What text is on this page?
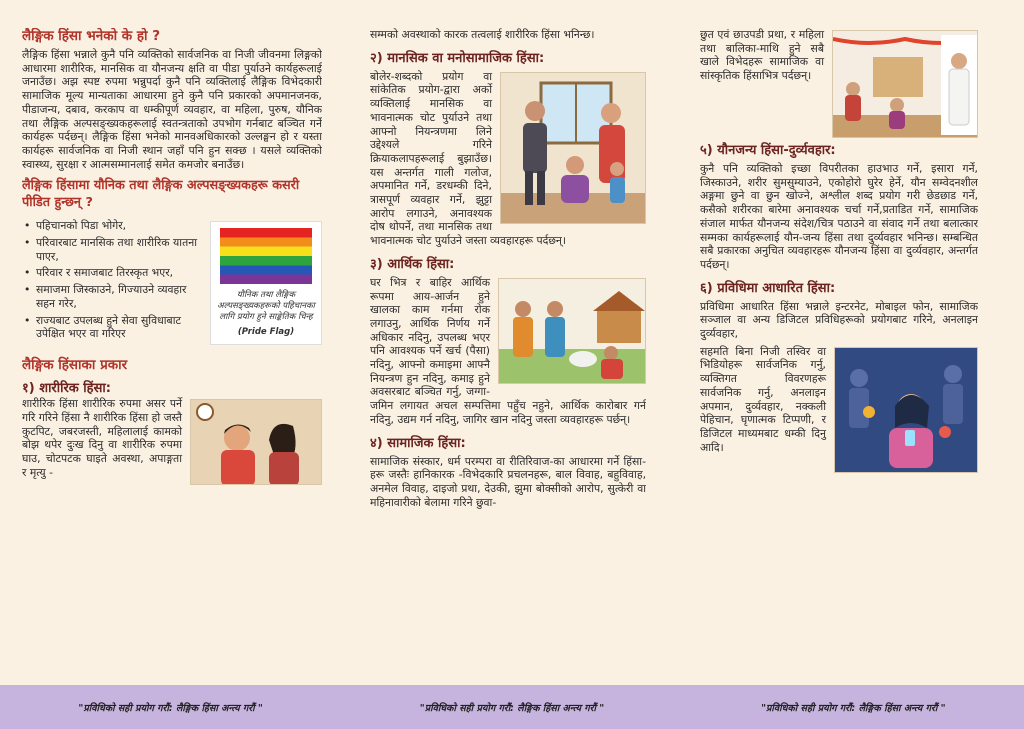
लैङ्गिक हिंसा भनेको के हो ?

लैङ्गिक हिंसा भन्नाले कुनै पनि व्यक्तिको सार्वजनिक वा निजी जीवनमा लिङ्गको आधारमा शारीरिक, मानसिक वा यौनजन्य क्षति वा पीडा पुर्याउने कार्यहरूलाई जनाउँछ। अझ स्पष्ट रुपमा भन्नुपर्दा कुनै पनि व्यक्तिलाई लैङ्गिक विभेदकारी सामाजिक मूल्य मान्यताका आधारमा हुने कुनै पनि प्रकारको अपमानजनक, पीडाजन्य, दबाव, करकाप वा धम्कीपूर्ण व्यवहार, वा महिला, पुरुष, यौनिक तथा लैङ्गिक अल्पसङ्ख्यकहरूलाई स्वतन्त्रताको उपभोग गर्नबाट बञ्चित गर्ने कार्यहरू पर्दछन्। लैङ्गिक हिंसा भनेको मानवअधिकारको उल्लङ्घन हो र यस्ता कार्यहरू सार्वजनिक वा निजी स्थान जहाँ पनि हुन सक्छ । यसले व्यक्तिको स्वास्थ्य, सुरक्षा र आत्मसम्मानलाई समेत कमजोर बनाउँछ।

लैङ्गिक हिंसामा यौनिक तथा लैङ्गिक अल्पसङ्ख्यकहरू कसरी पीडित हुन्छन् ?
यौनिक तथा लैङ्गिक अल्पसङ्ख्यकहरूको पहिचानका लागि प्रयोग हुने साङ्केतिक चिन्ह
(Pride Flag)
• पहिचानको पिडा भोगेर,
• परिवारबाट मानसिक तथा शारीरिक यातना पाएर,
• परिवार र समाजबाट तिरस्कृत भएर,
• समाजमा जिस्काउने, गिज्याउने व्यवहार सहन गरेर,
• राज्यबाट उपलब्ध हुने सेवा सुविधाबाट उपेक्षित भएर वा गरिएर
लैङ्गिक हिंसाका प्रकार
१) शारीरिक हिंसा:

शारीरिक हिंसा शारीरिक रुपमा असर पर्ने गरि गरिने हिंसा नै शारीरिक हिंसा हो जस्तै कुटपिट, जबरजस्ती, महिलालाई कामको बोझ थपेर दुःख दिनु वा शारीरिक रुपमा घाउ, चोटपटक घाइते अवस्था, अपाङ्गता र मृत्यु -

सम्मको अवस्थाको कारक तत्वलाई शारीरिक हिंसा भनिन्छ।

२) मानसिक वा मनोसामाजिक हिंसा:

बोलेर-शब्दको प्रयोग वा सांकेतिक प्रयोग-द्वारा अर्को व्यक्तिलाई मानसिक वा भावनात्मक चोट पुर्याउने तथा आफ्नो नियन्त्रणमा लिने उद्देश्यले गरिने क्रियाकलापहरूलाई बुझाउँछ। यस अन्तर्गत गाली गलोज, अपमानित गर्ने, डरधम्की दिने, त्रासपूर्ण व्यवहार गर्ने, झुट्टा आरोप लगाउने, अनावश्यक दोष थोपर्ने, तथा मानसिक तथा भावनात्मक चोट पुर्याउने जस्ता व्यवहारहरू पर्दछन्।

३) आर्थिक हिंसा:

घर भित्र र बाहिर आर्थिक रूपमा आय-आर्जन हुने खालका काम गर्नमा रोक लगाउनु, आर्थिक निर्णय गर्ने अधिकार नदिनु, उपलब्ध भएर पनि आवश्यक पर्ने खर्च (पैसा) नदिनु, आफ्नो कमाइमा आफ्नै नियन्त्रण हुन नदिनु, कमाइ हुने अवसरबाट बञ्चित गर्नु, जग्गा-जमिन लगायत अचल सम्पत्तिमा पहुँच नहुने, आर्थिक कारोबार गर्न नदिनु, उद्यम गर्न नदिनु, जागिर खान नदिनु जस्ता व्यवहारहरू पर्छन्।

४) सामाजिक हिंसा:

सामाजिक संस्कार, धर्म परम्परा वा रीतिरिवाज-का आधारमा गर्ने हिंसा-हरू जस्तैः हानिकारक -विभेदकारि प्रचलनहरू, बाल विवाह, बहुविवाह, अनमेल विवाह, दाइजो प्रथा, देउकी, झुमा बोक्सीको आरोप, सुत्केरी वा महिनावारीको बेलामा गरिने छुवा-

छुत एवं छाउपडी प्रथा, र महिला तथा बालिका-माथि हुने सबै खाले विभेदहरू सामाजिक वा सांस्कृतिक हिंसाभित्र पर्दछन्।

५) यौनजन्य हिंसा-दुर्व्यवहार:

कुनै पनि व्यक्तिको इच्छा विपरीतका हाउभाउ गर्ने, इसारा गर्ने, जिस्काउने, शरीर सुमसुम्याउने, एकोहोरो घुरेर हेर्ने, यौन सम्वेदनशील अङ्गमा छुने वा छुन खोज्ने, अश्लील शब्द प्रयोग गरी छेडछाड गर्ने, कसैको शरीरका बारेमा अनावश्यक चर्चा गर्ने,प्रताडित गर्ने, सामाजिक संजाल मार्फत यौनजन्य संदेश/चित्र पठाउने वा संवाद गर्ने तथा बलात्कार सम्मका कार्यहरूलाई यौन-जन्य हिंसा तथा दुर्व्यवहार भनिन्छ। सम्बन्धित सबै प्रकारका अनुचित व्यवहारहरू यौनजन्य हिंसा वा दुर्व्यवहार, अन्तर्गत पर्दछन्।

६) प्रविधिमा आधारित हिंसा:

प्रविधिमा आधारित हिंसा भन्नाले इन्टरनेट, मोबाइल फोन, सामाजिक सञ्जाल वा अन्य डिजिटल प्रविधिहरूको प्रयोगबाट गरिने, अनलाइन दुर्व्यवहार,

सहमति बिना निजी तस्विर वा भिडियोहरू सार्वजनिक गर्नु, व्यक्तिगत विवरणहरू सार्वजनिक गर्नु, अनलाइन अपमान, दुर्व्यवहार, नक्कली पेहिचान, घृणात्मक टिप्पणी, र डिजिटल माध्यमबाट धम्की दिनु आदि।

"प्रविधिको सही प्रयोग गरौं: लैङ्गिक हिंसा अन्त्य गरौं "	"प्रविधिको सही प्रयोग गरौं: लैङ्गिक हिंसा अन्त्य गरौं "	"प्रविधिको सही प्रयोग गरौं: लैङ्गिक हिंसा अन्त्य गरौं "
